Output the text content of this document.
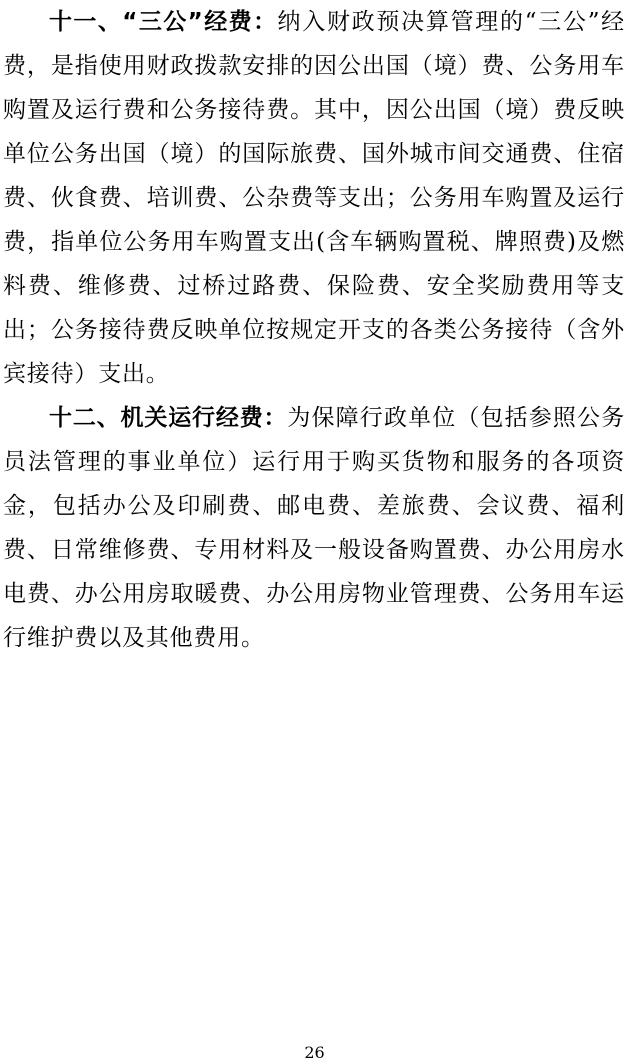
十一、“三公”经费：纳入财政预决算管理的“三公”经费，是指使用财政拨款安排的因公出国（境）费、公务用车购置及运行费和公务接待费。其中，因公出国（境）费反映单位公务出国（境）的国际旅费、国外城市间交通费、住宿费、伙食费、培训费、公杂费等支出；公务用车购置及运行费，指单位公务用车购置支出(含车辆购置税、牌照费)及燃料费、维修费、过桥过路费、保险费、安全奖励费用等支出；公务接待费反映单位按规定开支的各类公务接待（含外宾接待）支出。

十二、机关运行经费：为保障行政单位（包括参照公务员法管理的事业单位）运行用于购买货物和服务的各项资金，包括办公及印刷费、邮电费、差旅费、会议费、福利费、日常维修费、专用材料及一般设备购置费、办公用房水电费、办公用房取暖费、办公用房物业管理费、公务用车运行维护费以及其他费用。

26
